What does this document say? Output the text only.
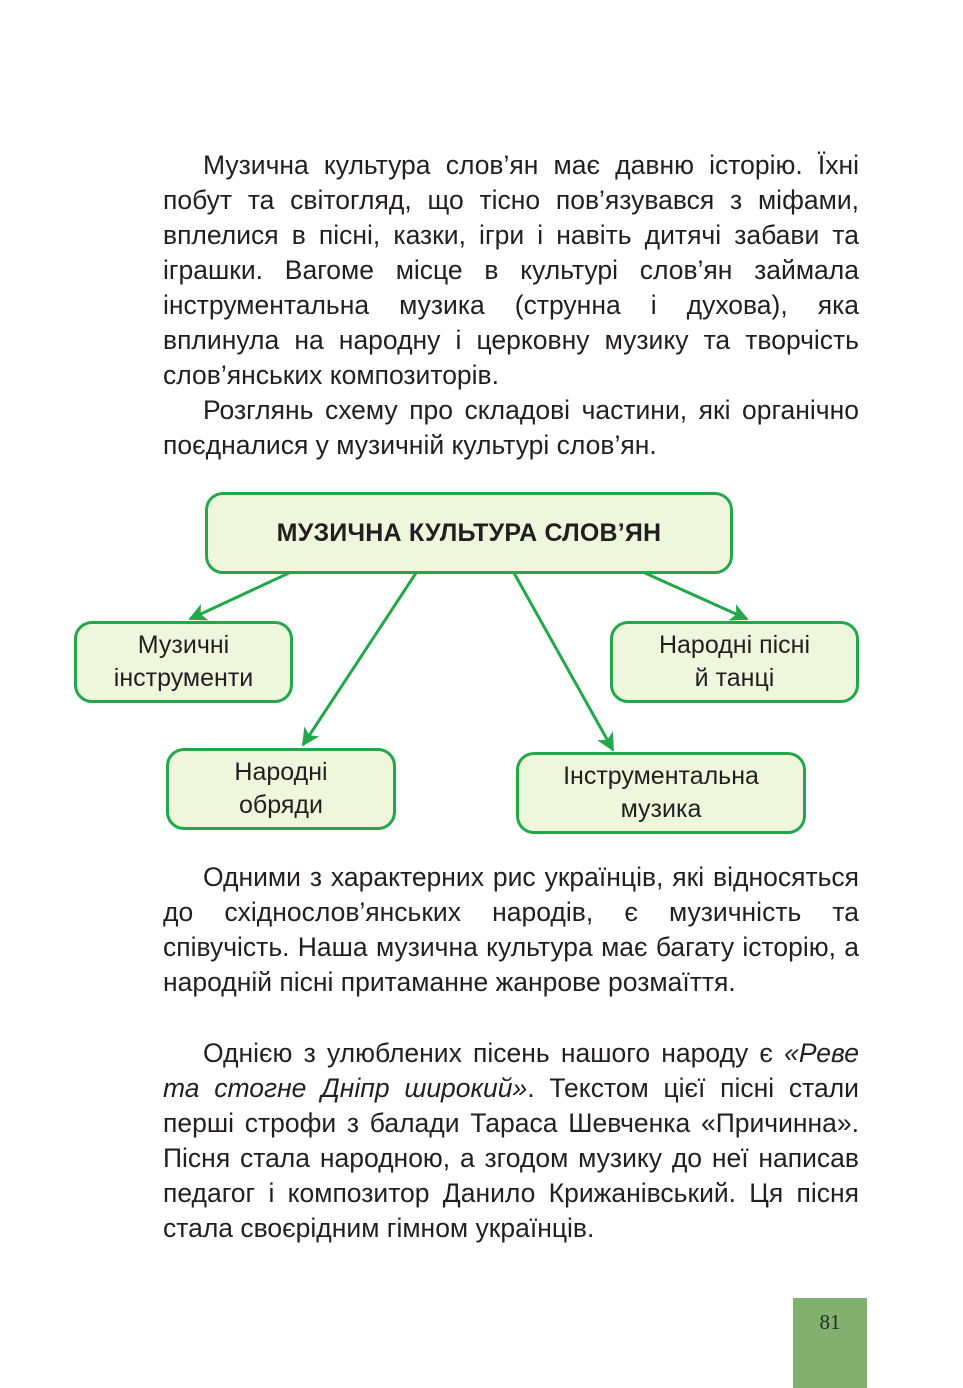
Музична культура слов’ян має давню історію. Їхні побут та світогляд, що тісно пов’язувався з міфами, вплелися в пісні, казки, ігри і навіть дитячі забави та іграшки. Вагоме місце в культурі слов’ян займала інструментальна музика (струнна і духова), яка вплинула на народну і церковну музику та творчість слов’янських композиторів.

Розглянь схему про складові частини, які органічно поєдналися у музичній культурі слов’ян.

МУЗИЧНА КУЛЬТУРА СЛОВ’ЯН
Музичні
інструменти
Народні пісні
й танці
Народні
обряди
Інструментальна
музика

Одними з характерних рис українців, які відносяться до східнослов’янських народів, є музичність та співучість. Наша музична культура має багату історію, а народній пісні притаманне жанрове розмаїття.

Однією з улюблених пісень нашого народу є «Реве та стогне Дніпр широкий». Текстом цієї пісні стали перші строфи з балади Тараса Шевченка «Причинна». Пісня стала народною, а згодом музику до неї написав педагог і композитор Данило Крижанівський. Ця пісня стала своєрідним гімном українців.

81
